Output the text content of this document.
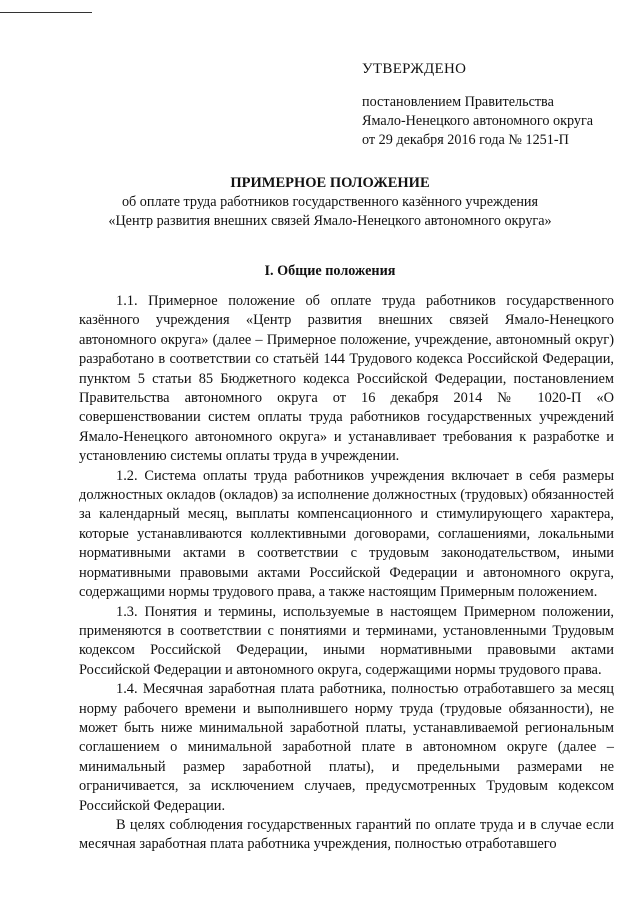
УТВЕРЖДЕНО
постановлением Правительства
Ямало-Ненецкого автономного округа
от 29 декабря 2016 года № 1251-П
ПРИМЕРНОЕ ПОЛОЖЕНИЕ
об оплате труда работников государственного казённого учреждения
«Центр развития внешних связей Ямало-Ненецкого автономного округа»
I. Общие положения

1.1. Примерное положение об оплате труда работников государственного казённого учреждения «Центр развития внешних связей Ямало-Ненецкого автономного округа» (далее – Примерное положение, учреждение, автономный округ) разработано в соответствии со статьёй 144 Трудового кодекса Российской Федерации, пунктом 5 статьи 85 Бюджетного кодекса Российской Федерации, постановлением Правительства автономного округа от 16 декабря 2014 № 1020-П «О совершенствовании систем оплаты труда работников государственных учреждений Ямало-Ненецкого автономного округа» и устанавливает требования к разработке и установлению системы оплаты труда в учреждении.

1.2. Система оплаты труда работников учреждения включает в себя размеры должностных окладов (окладов) за исполнение должностных (трудовых) обязанностей за календарный месяц, выплаты компенсационного и стимулирующего характера, которые устанавливаются коллективными договорами, соглашениями, локальными нормативными актами в соответствии с трудовым законодательством, иными нормативными правовыми актами Российской Федерации и автономного округа, содержащими нормы трудового права, а также настоящим Примерным положением.

1.3. Понятия и термины, используемые в настоящем Примерном положении, применяются в соответствии с понятиями и терминами, установленными Трудовым кодексом Российской Федерации, иными нормативными правовыми актами Российской Федерации и автономного округа, содержащими нормы трудового права.

1.4. Месячная заработная плата работника, полностью отработавшего за месяц норму рабочего времени и выполнившего норму труда (трудовые обязанности), не может быть ниже минимальной заработной платы, устанавливаемой региональным соглашением о минимальной заработной плате в автономном округе (далее – минимальный размер заработной платы), и предельными размерами не ограничивается, за исключением случаев, предусмотренных Трудовым кодексом Российской Федерации.

В целях соблюдения государственных гарантий по оплате труда и в случае если месячная заработная плата работника учреждения, полностью отработавшего
